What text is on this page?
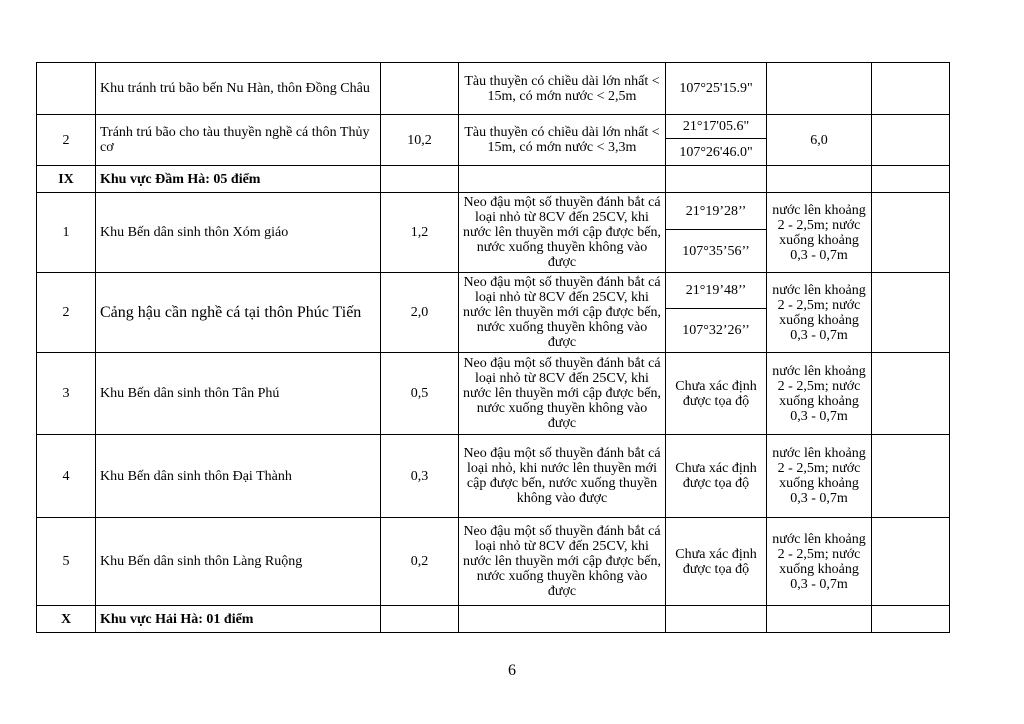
	Khu tránh trú bão bến Nu Hàn, thôn Đồng Châu		Tàu thuyền có chiều dài lớn nhất < 15m, có mớn nước < 2,5m	107°25'15.9"		
2	Tránh trú bão cho tàu thuyền nghề cá thôn Thủy cơ	10,2	Tàu thuyền có chiều dài lớn nhất < 15m, có mớn nước < 3,3m	21°17'05.6"	6,0	
				107°26'46.0"		
IX	Khu vực Đầm Hà: 05 điểm					
1	Khu Bến dân sinh thôn Xóm giáo	1,2	Neo đậu một số thuyền đánh bắt cá loại nhỏ từ 8CV đến 25CV, khi nước lên thuyền mới cập được bến, nước xuống thuyền không vào được	21°19’28’’	nước lên khoảng 2 - 2,5m; nước xuống khoảng 0,3 - 0,7m	
				107°35’56’’		
2	Cảng hậu cần nghề cá tại thôn Phúc Tiến	2,0	Neo đậu một số thuyền đánh bắt cá loại nhỏ từ 8CV đến 25CV, khi nước lên thuyền mới cập được bến, nước xuống thuyền không vào được	21°19’48’’	nước lên khoảng 2 - 2,5m; nước xuống khoảng 0,3 - 0,7m	
				107°32’26’’		
3	Khu Bến dân sinh thôn Tân Phú	0,5	Neo đậu một số thuyền đánh bắt cá loại nhỏ từ 8CV đến 25CV, khi nước lên thuyền mới cập được bến, nước xuống thuyền không vào được	Chưa xác định được tọa độ	nước lên khoảng 2 - 2,5m; nước xuống khoảng 0,3 - 0,7m	
4	Khu Bến dân sinh thôn Đại Thành	0,3	Neo đậu một số thuyền đánh bắt cá loại nhỏ, khi nước lên thuyền mới cập được bến, nước xuống thuyền không vào được	Chưa xác định được tọa độ	nước lên khoảng 2 - 2,5m; nước xuống khoảng 0,3 - 0,7m	
5	Khu Bến dân sinh thôn Làng Ruộng	0,2	Neo đậu một số thuyền đánh bắt cá loại nhỏ từ 8CV đến 25CV, khi nước lên thuyền mới cập được bến, nước xuống thuyền không vào được	Chưa xác định được tọa độ	nước lên khoảng 2 - 2,5m; nước xuống khoảng 0,3 - 0,7m	
X	Khu vực Hải Hà: 01 điểm					
6
